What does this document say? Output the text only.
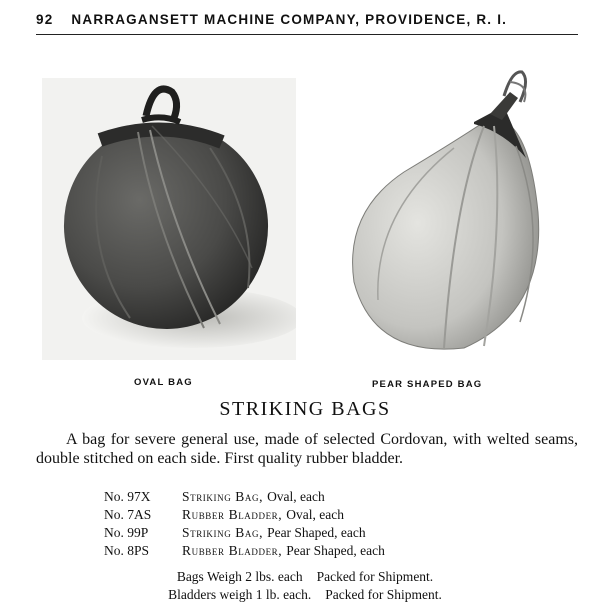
92 NARRAGANSETT MACHINE COMPANY, PROVIDENCE, R. I.
OVAL BAG	PEAR SHAPED BAG
STRIKING BAGS
A bag for severe general use, made of selected Cordovan, with welted seams, double stitched on each side. First quality rubber bladder.
No. 97X	Striking Bag, Oval, each
No. 7AS	Rubber Bladder, Oval, each
No. 99P	Striking Bag, Pear Shaped, each
No. 8PS	Rubber Bladder, Pear Shaped, each
Bags Weigh 2 lbs. each Packed for Shipment.
Bladders weigh 1 lb. each. Packed for Shipment.
